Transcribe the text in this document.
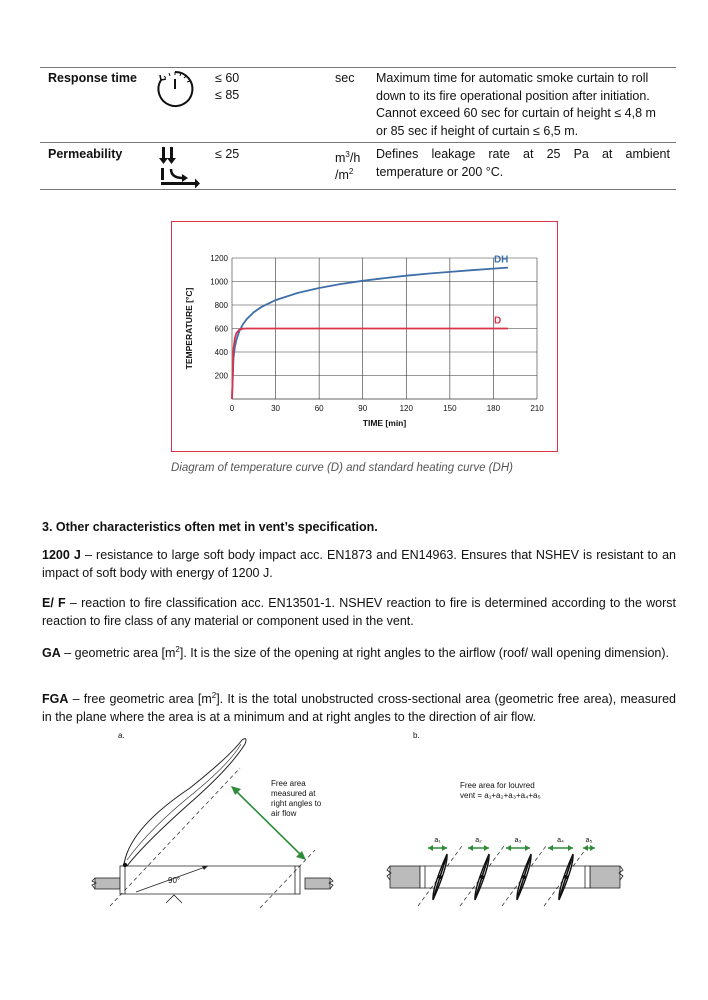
Response time	≤ 60
≤ 85
sec Maximum time for automatic smoke curtain to roll
down to its fire operational position after initiation.
Cannot exceed 60 sec for curtain of height ≤ 4,8 m
or 85 sec if height of curtain ≤ 6,5 m.
Permeability	≤ 25	$m^3/h$
$/m^2$
Defines leakage rate at 25 Pa at ambient
temperature or 200 °C.
0	30	60	90	120	150	180	210
200
400
600
800
1000
1200
TEMPERATURE [°C]
TIME [min]
DH
D
Diagram of temperature curve (D) and standard heating curve (DH)
3. Other characteristics often met in vent’s specification.
1200 J – resistance to large soft body impact acc. EN1873 and EN14963. Ensures that NSHEV is resistant to an impact of soft body with energy of 1200 J.
E/ F – reaction to fire classification acc. EN13501-1. NSHEV reaction to fire is determined according to the worst reaction to fire class of any material or component used in the vent.
GA – geometric area $[m^2]$. It is the size of the opening at right angles to the airflow (roof/ wall opening dimension).
FGA – free geometric area $[m^2]$. It is the total unobstructed cross-sectional area (geometric free area), measured in the plane where the area is at a minimum and at right angles to the direction of air flow.
a.
90°
Free area measured at right angles to air flow
b.
Free area for louvred
vent = a₁+a₂+a₃+a₄+a₅
a₁	a₂	a₃	a₄	a₅
